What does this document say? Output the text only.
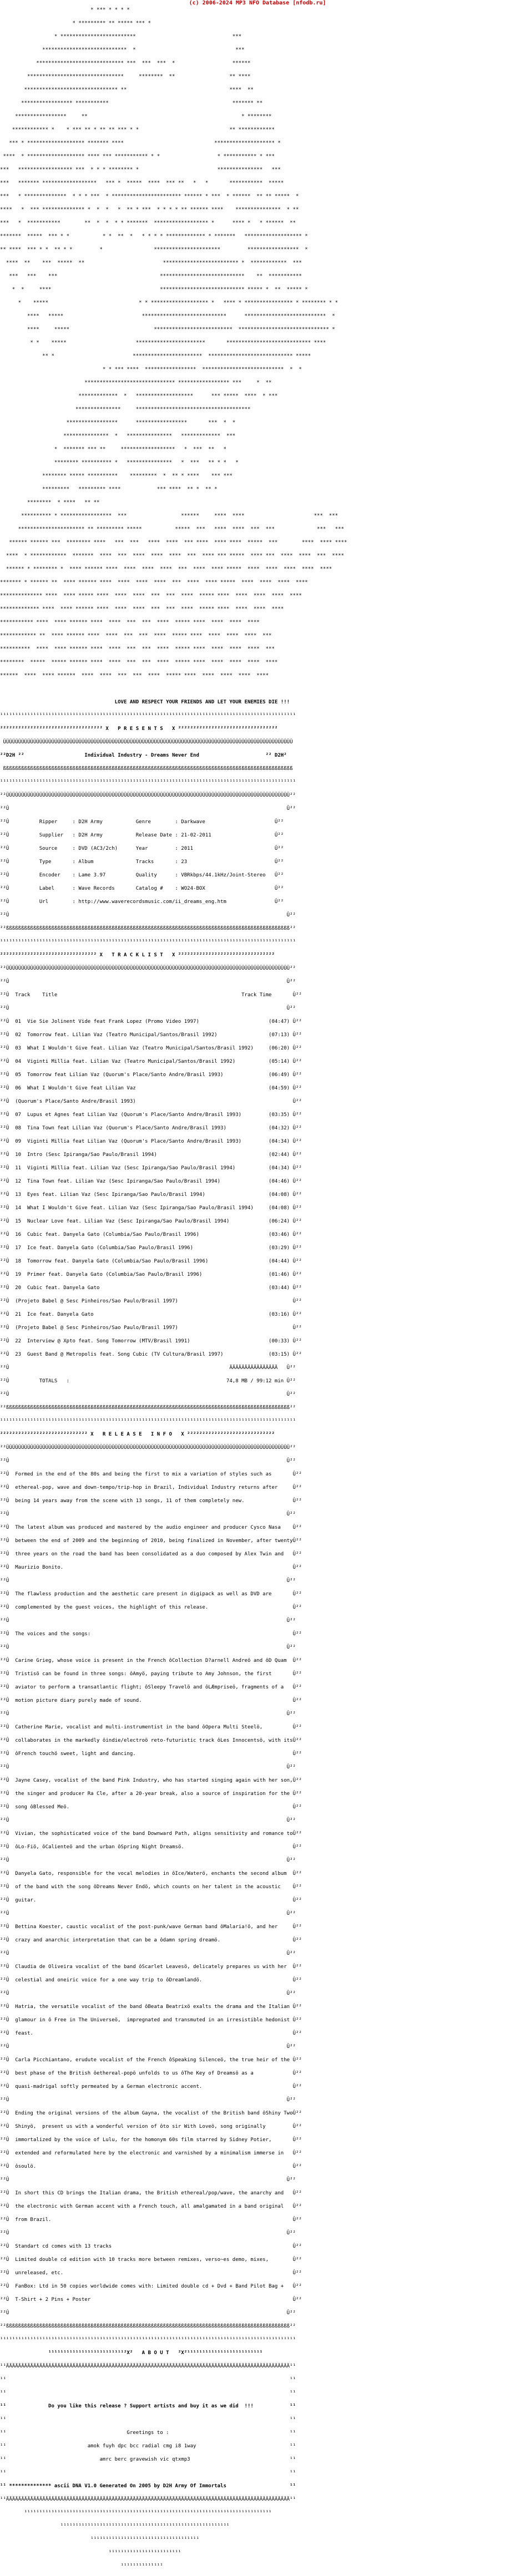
(c) 2006-2024 MP3 NFO Database [nfodb.ru]
* *** * * * *

* ********* ** ***** *** *

* *************************                                ***

****************************  *                                 ***

***************************** ***  ***  ***  *                   ******

********************************     ********  **                  ** ****

******************************* **                                  ****  **

***************** ***********                                         ******* **

*****************     **                                                   * ********

************ *    * *** ** * ** ** *** * *                              ** ************

*** * ******************* ******* ****                              ******************** *

****  * ******************* **** *** *********** * *                   * *********** * ***

***   ****************** ***  * * * ******** *                          ***************   ***

***   ******* ******************   *** *  *****  ****  *** **   *   *       ***********  *****

***   * **************  * * * ***  * *********************** ****** * ***  * ******  ** ** *****  *

****   *  *** ************** *  *  *   *  ** * ***  * * * * ** ****** ****    ***************  * **

***   *  ***********        **  *  *  * * *******  ****************** *      **** *   * ******  **

*******  *****  *** * *           * *  **  *   * * * * ************* * *******   ******************* *

** ****  *** * *  ** * *         *                 **********************         *****************  *

****  **    ***  *****  **                          ************************* *  ************  ***

***   ***    ***                                  ****************************    **  ***********

*  *     ****                                    **************************** ***** *  **  ***** *

*    *****                              * * ******************* *   **** * **************** * ******** * *

****   *****                          ****************************      ***************************  *

****     *****                            **************************  ****************************** *

* *    *****                       ***********************       **************************** ****

** *                          ***********************  **************************** *****

* * *** ****  *****************  ***************************  *  *

****************************** ***************** ***     *  **

*************  *   *******************      *** *****  ****  * ***

***************     **************************************

*****************      *****************       ***  *  *

***************  *   ***************   *************  ***

*  ******* *** **     ******************   *  ***  **   *

******** ********** *   ***************   *  ***   ** * *   *

******** ***** **********    *********  *  ** * ****    *** ***

*********   ********* ****            *** ****  ** *  ** *

********  * ****   ** **

********** * *****************  ***                  ******     ****  ****                       ***  ***

********************** ** ********* *****           *****  ***   ****  ****  ***  ***              ***   ***

****** ****** ***  ******** ****   ***  ***   ****  ****  *** ****  **** ****  *****  ***        ****  **** ****

****  * ************  *******  ****  ***  ****  ****  ****  ***  **** *** *****  **** ***  ****  ****  ***  ****

****** * ******** *  **** ****** ****  ****  ****  ****  ***  ****  **** *****  ****  ****  ****  ****  ****

******* * ****** **  **** ****** ****  ****  ****  ****  ***  ****  **** *****  ****  ****  ****  ****

************** ****  **** ***** ****  ****  ****  ***  ***  ****  ***** ****  ****  ****  ****  ****

************* ****  **** ****** ****  ****  ****  ***  ***  ****  ***** ****  ****  ****  ****

*********** ****  **** ****** ****  ****  ***  ***  ****  ***** ****  ****  ****  ****

************ **  **** ****** ****  ****  ***  ***  ****  ***** ****  ****  ****  ****  ***

**********  ****  **** ****** ****  ****  ***  ***  ****  ***** ****  ****  ****  ****  ***

********  *****  ***** ****** ****  ****  ***  ***  ****  ***** ****  ****  ****  ****  ****

******  ****  **** ******  ****  ****  ***  ***  ****  ***** ****  ****  ****  ****  ****

LOVE AND RESPECT YOUR FRIENDS AND LET YOUR ENEMIES DIE !!!

¹¹¹¹¹¹¹¹¹¹¹¹¹¹¹¹¹¹¹¹¹¹¹¹¹¹¹¹¹¹¹¹¹¹¹¹¹¹¹¹¹¹¹¹¹¹¹¹¹¹¹¹¹¹¹¹¹¹¹¹¹¹¹¹¹¹¹¹¹¹¹¹¹¹¹¹¹¹¹¹¹¹¹¹¹¹¹¹¹¹¹¹¹¹¹¹¹¹

²²²²²²²²²²²²²²²²²²²²²²²²²²²²²²²²²² X   P R E S E N T S   X ²²²²²²²²²²²²²²²²²²²²²²²²²²²²²²²²²

ÜÜÜÜÜÜÜÜÜÜÜÜÜÜÜÜÜÜÜÜÜÜÜÜÜÜÜÜÜÜÜÜÜÜÜÜÜÜÜÜÜÜÜÜÜÜÜÜÜÜÜÜÜÜÜÜÜÜÜÜÜÜÜÜÜÜÜÜÜÜÜÜÜÜÜÜÜÜÜÜÜÜÜÜÜÜÜÜÜÜÜÜÜÜÜÜ

²²D2H ²²                    Individual Industry - Dreams Never End                      ²² D2H²

ßßßßßßßßßßßßßßßßßßßßßßßßßßßßßßßßßßßßßßßßßßßßßßßßßßßßßßßßßßßßßßßßßßßßßßßßßßßßßßßßßßßßßßßßßßßßßßßß

¹¹¹¹¹¹¹¹¹¹¹¹¹¹¹¹¹¹¹¹¹¹¹¹¹¹¹¹¹¹¹¹¹¹¹¹¹¹¹¹¹¹¹¹¹¹¹¹¹¹¹¹¹¹¹¹¹¹¹¹¹¹¹¹¹¹¹¹¹¹¹¹¹¹¹¹¹¹¹¹¹¹¹¹¹¹¹¹¹¹¹¹¹¹¹¹¹¹

²²ÜÜÜÜÜÜÜÜÜÜÜÜÜÜÜÜÜÜÜÜÜÜÜÜÜÜÜÜÜÜÜÜÜÜÜÜÜÜÜÜÜÜÜÜÜÜÜÜÜÜÜÜÜÜÜÜÜÜÜÜÜÜÜÜÜÜÜÜÜÜÜÜÜÜÜÜÜÜÜÜÜÜÜÜÜÜÜÜÜÜÜÜÜÜ²²

²²Û                                                                                            Û²²

²²Û          Ripper     : D2H Army           Genre        : Darkwave                       Û²²

²²Û          Supplier   : D2H Army           Release Date : 21-02-2011                     Û²²

²²Û          Source     : DVD (AC3/2ch)      Year         : 2011                           Û²²

²²Û          Type       : Album              Tracks       : 23                             Û²²

²²Û          Encoder    : Lame 3.97          Quality      : VBRkbps/44.1kHz/Joint-Stereo   Û²²

²²Û          Label      : Wave Records       Catalog #    : WO24-BOX                       Û²²

²²Û          Url        : http://www.waverecordsmusic.com/ii_dreams_eng.htm                Û²²

²²Û                                                                                            Û²²

²²ßßßßßßßßßßßßßßßßßßßßßßßßßßßßßßßßßßßßßßßßßßßßßßßßßßßßßßßßßßßßßßßßßßßßßßßßßßßßßßßßßßßßßßßßßßßßßß²²

¹¹¹¹¹¹¹¹¹¹¹¹¹¹¹¹¹¹¹¹¹¹¹¹¹¹¹¹¹¹¹¹¹¹¹¹¹¹¹¹¹¹¹¹¹¹¹¹¹¹¹¹¹¹¹¹¹¹¹¹¹¹¹¹¹¹¹¹¹¹¹¹¹¹¹¹¹¹¹¹¹¹¹¹¹¹¹¹¹¹¹¹¹¹¹¹¹¹

²²²²²²²²²²²²²²²²²²²²²²²²²²²²²²²² X   T R A C K L I S T   X ²²²²²²²²²²²²²²²²²²²²²²²²²²²²²²²²

²²ÜÜÜÜÜÜÜÜÜÜÜÜÜÜÜÜÜÜÜÜÜÜÜÜÜÜÜÜÜÜÜÜÜÜÜÜÜÜÜÜÜÜÜÜÜÜÜÜÜÜÜÜÜÜÜÜÜÜÜÜÜÜÜÜÜÜÜÜÜÜÜÜÜÜÜÜÜÜÜÜÜÜÜÜÜÜÜÜÜÜÜÜÜÜ²²

²²Û                                                                                            Û²²

²²Û  Track    Title                                                             Track Time       Û²²

²²Û                                                                                            Û²²

²²Û  01  Vie Sie Jolinent Vide feat Frank Lopez (Promo Video 1997)                       (04:47) Û²²

²²Û  02  Tomorrow feat. Lilian Vaz (Teatro Municipal/Santos/Brasil 1992)                 (07:13) Û²²

²²Û  03  What I Wouldn't Give feat. Lilian Vaz (Teatro Municipal/Santos/Brasil 1992)     (06:20) Û²²

²²Û  04  Viginti Millia feat. Lilian Vaz (Teatro Municipal/Santos/Brasil 1992)           (05:14) Û²²

²²Û  05  Tomorrow feat Lilian Vaz (Quorum's Place/Santo Andre/Brasil 1993)               (06:49) Û²²

²²Û  06  What I Wouldn't Give feat Lilian Vaz                                            (04:59) Û²²

²²Û  (Quorum's Place/Santo Andre/Brasil 1993)                                                    Û²²

²²Û  07  Lupus et Agnes feat Lilian Vaz (Quorum's Place/Santo Andre/Brasil 1993)         (03:35) Û²²

²²Û  08  Tina Town feat Lilian Vaz (Quorum's Place/Santo Andre/Brasil 1993)              (04:32) Û²²

²²Û  09  Viginti Millia feat Lilian Vaz (Quorum's Place/Santo Andre/Brasil 1993)         (04:34) Û²²

²²Û  10  Intro (Sesc Ipiranga/Sao Paulo/Brasil 1994)                                     (02:44) Û²²

²²Û  11  Viginti Millia feat. Lilian Vaz (Sesc Ipiranga/Sao Paulo/Brasil 1994)           (04:34) Û²²

²²Û  12  Tina Town feat. Lilian Vaz (Sesc Ipiranga/Sao Paulo/Brasil 1994)                (04:46) Û²²

²²Û  13  Eyes feat. Lilian Vaz (Sesc Ipiranga/Sao Paulo/Brasil 1994)                     (04:08) Û²²

²²Û  14  What I Wouldn't Give feat. Lilian Vaz (Sesc Ipiranga/Sao Paulo/Brasil 1994)     (04:08) Û²²

²²Û  15  Nuclear Love feat. Lilian Vaz (Sesc Ipiranga/Sao Paulo/Brasil 1994)             (06:24) Û²²

²²Û  16  Cubic feat. Danyela Gato (Columbia/Sao Paulo/Brasil 1996)                       (03:46) Û²²

²²Û  17  Ice feat. Danyela Gato (Columbia/Sao Paulo/Brasil 1996)                         (03:29) Û²²

²²Û  18  Tomorrow feat. Danyela Gato (Columbia/Sao Paulo/Brasil 1996)                    (04:44) Û²²

²²Û  19  Primer feat. Danyela Gato (Columbia/Sao Paulo/Brasil 1996)                      (01:46) Û²²

²²Û  20  Cubic feat. Danyela Gato                                                        (03:44) Û²²

²²Û  (Projeto Babel @ Sesc Pinheiros/Sao Paulo/Brasil 1997)                                      Û²²

²²Û  21  Ice feat. Danyela Gato                                                          (03:16) Û²²

²²Û  (Projeto Babel @ Sesc Pinheiros/Sao Paulo/Brasil 1997)                                      Û²²

²²Û  22  Interview @ Xpto feat. Song Tomorrow (MTV/Brasil 1991)                          (00:33) Û²²

²²Û  23  Guest Band @ Metropolis feat. Song Cubic (TV Cultura/Brasil 1997)               (03:15) Û²²

²²Û                                                                         ÄÄÄÄÄÄÄÄÄÄÄÄÄÄÄÄ   Û²²

²²Û          TOTALS   :                                                    74,8 MB / 99:12 min Û²²

²²Û                                                                                            Û²²

²²ßßßßßßßßßßßßßßßßßßßßßßßßßßßßßßßßßßßßßßßßßßßßßßßßßßßßßßßßßßßßßßßßßßßßßßßßßßßßßßßßßßßßßßßßßßßßßß²²

¹¹¹¹¹¹¹¹¹¹¹¹¹¹¹¹¹¹¹¹¹¹¹¹¹¹¹¹¹¹¹¹¹¹¹¹¹¹¹¹¹¹¹¹¹¹¹¹¹¹¹¹¹¹¹¹¹¹¹¹¹¹¹¹¹¹¹¹¹¹¹¹¹¹¹¹¹¹¹¹¹¹¹¹¹¹¹¹¹¹¹¹¹¹¹¹¹¹

²²²²²²²²²²²²²²²²²²²²²²²²²²²²² X   R E L E A S E   I N F O   X ²²²²²²²²²²²²²²²²²²²²²²²²²²²²²

²²ÜÜÜÜÜÜÜÜÜÜÜÜÜÜÜÜÜÜÜÜÜÜÜÜÜÜÜÜÜÜÜÜÜÜÜÜÜÜÜÜÜÜÜÜÜÜÜÜÜÜÜÜÜÜÜÜÜÜÜÜÜÜÜÜÜÜÜÜÜÜÜÜÜÜÜÜÜÜÜÜÜÜÜÜÜÜÜÜÜÜÜÜÜÜ²²

²²Û                                                                                            Û²²

²²Û  Formed in the end of the 80s and being the first to mix a variation of styles such as       Û²²

²²Û  ethereal-pop, wave and down-tempo/trip-hop in Brazil, Individual Industry returns after     Û²²

²²Û  being 14 years away from the scene with 13 songs, 11 of them completely new.                Û²²

²²Û                                                                                            Û²²

²²Û  The latest album was produced and mastered by the audio engineer and producer Cysco Nasa    Û²²

²²Û  between the end of 2009 and the beginning of 2010, being finalized in November, after twentyÛ²²

²²Û  three years on the road the band has been consolidated as a duo composed by Alex Twin and   Û²²

²²Û  Maurizio Bonito.                                                                            Û²²

²²Û                                                                                            Û²²

²²Û  The flawless production and the aesthetic care present in digipack as well as DVD are       Û²²

²²Û  complemented by the guest voices, the highlight of this release.                            Û²²

²²Û                                                                                            Û²²

²²Û  The voices and the songs:                                                                   Û²²

²²Û                                                                                            Û²²

²²Û  Carine Grieg, whose voice is present in the French ôCollection D?arnell Andreö and ôD Quam  Û²²

²²Û  Tristisö can be found in three songs: ôAmyö, paying tribute to Amy Johnson, the first       Û²²

²²Û  aviator to perform a transatlantic flight; ôSleepy Travelö and ôLÆmpriseö, fragments of a   Û²²

²²Û  motion picture diary purely made of sound.                                                  Û²²

²²Û                                                                                            Û²²

²²Û  Catherine Marie, vocalist and multi-instrumentist in the band ôOpera Multi Steelö,          Û²²

²²Û  collaborates in the markedly ôindie/electroö reto-futuristic track ôLes Innocentsö, with itsÛ²²

²²Û  ôFrench touchö sweet, light and dancing.                                                    Û²²

²²Û                                                                                            Û²²

²²Û  Jayne Casey, vocalist of the band Pink Industry, who has started singing again with her son,Û²²

²²Û  the singer and producer Ra Cle, after a 20-year break, also a source of inspiration for the Û²²

²²Û  song ôBlessed Meö.                                                                          Û²²

²²Û                                                                                            Û²²

²²Û  Vivian, the sophisticated voice of the band Downward Path, aligns sensitivity and romance toÛ²²

²²Û  ôLo-Fiö, ôCalienteö and the urban ôSpring Night Dreamsö.                                    Û²²

²²Û                                                                                            Û²²

²²Û  Danyela Gato, responsible for the vocal melodies in ôIce/Waterö, enchants the second album  Û²²

²²Û  of the band with the song ôDreams Never Endö, which counts on her talent in the acoustic    Û²²

²²Û  guitar.                                                                                     Û²²

²²Û                                                                                            Û²²

²²Û  Bettina Koester, caustic vocalist of the post-punk/wave German band ôMalaria!ö, and her     Û²²

²²Û  crazy and anarchic interpretation that can be a ôdamn spring dreamö.                        Û²²

²²Û                                                                                            Û²²

²²Û  Claudia de Oliveira vocalist of the band ôScarlet Leavesö, delicately prepares us with her  Û²²

²²Û  celestial and oneiric voice for a one way trip to ôDreamlandö.                              Û²²

²²Û                                                                                            Û²²

²²Û  Hatria, the versatile vocalist of the band ôBeata Beatrixö exalts the drama and the Italian Û²²

²²Û  glamour in ô Free in The Universeö,  impregnated and transmuted in an irresistible hedonist Û²²

²²Û  feast.                                                                                      Û²²

²²Û                                                                                            Û²²

²²Û  Carla Picchiantano, erudute vocalist of the French ôSpeaking Silenceö, the true heir of the Û²²

²²Û  best phase of the British ôethereal-popö unfolds to us ôThe Key of Dreamsö as a             Û²²

²²Û  quasi-madrigal softly permeated by a German electronic accent.                              Û²²

²²Û                                                                                            Û²²

²²Û  Ending the original versions of the album Gayna, the vocalist of the British band ôShiny TwoÛ²²

²²Û  Shinyö,  present us with a wonderful version of ôto sir With Loveö, song originally         Û²²

²²Û  immortalized by the voice of Lulu, for the homonym 60s film starred by Sidney Potier,       Û²²

²²Û  extended and reformulated here by the electronic and varnished by a minimalism immerse in   Û²²

²²Û  ôsoulö.                                                                                     Û²²

²²Û                                                                                            Û²²

²²Û  In short this CD brings the Italian drama, the British ethereal/pop/wave, the anarchy and   Û²²

²²Û  the electronic with German accent with a French touch, all amalgamated in a band original   Û²²

²²Û  from Brazil.                                                                                Û²²

²²Û                                                                                            Û²²

²²Û  Standart cd comes with 13 tracks                                                            Û²²

²²Û  Limited double cd edition with 10 tracks more between remixes, verso~es demo, mixes,        Û²²

²²Û  unreleased, etc.                                                                            Û²²

²²Û  FanBox: Ltd in 50 copies worldwide comes with: Limited double cd + Dvd + Band Pilot Bag +   Û²²

²²Û  T-Shirt + 2 Pins + Poster                                                                   Û²²

²²Û                                                                                            Û²²

²²ßßßßßßßßßßßßßßßßßßßßßßßßßßßßßßßßßßßßßßßßßßßßßßßßßßßßßßßßßßßßßßßßßßßßßßßßßßßßßßßßßßßßßßßßßßßßßß²²

¹¹¹¹¹¹¹¹¹¹¹¹¹¹¹¹¹¹¹¹¹¹¹¹¹¹¹¹¹¹¹¹¹¹¹¹¹¹¹¹¹¹¹¹¹¹¹¹¹¹¹¹¹¹¹¹¹¹¹¹¹¹¹¹¹¹¹¹¹¹¹¹¹¹¹¹¹¹¹¹¹¹¹¹¹¹¹¹¹¹¹¹¹¹¹¹¹¹

¹¹¹¹¹¹¹¹¹¹¹¹¹¹¹¹¹¹¹¹¹¹¹¹¹²X²   A B O U T   ²X²¹¹¹¹¹¹¹¹¹¹¹¹¹¹¹¹¹¹¹¹¹¹¹¹¹

¹¹ÄÄÄÄÄÄÄÄÄÄÄÄÄÄÄÄÄÄÄÄÄÄÄÄÄÄÄÄÄÄÄÄÄÄÄÄÄÄÄÄÄÄÄÄÄÄÄÄÄÄÄÄÄÄÄÄÄÄÄÄÄÄÄÄÄÄÄÄÄÄÄÄÄÄÄÄÄÄÄÄÄÄÄÄÄÄÄÄÄÄÄÄÄÄ¹¹

¹¹                                                                                              ¹¹

¹¹                                                                                              ¹¹

¹¹              Do you like this release ? Support artists and buy it as we did  !!!            ¹¹

¹¹                                                                                              ¹¹

¹¹                                        Greetings to :                                        ¹¹

¹¹                           amok fuyh dpc bcc radial cmg i8 1way                               ¹¹

¹¹                               amrc berc gravewish vic qtxmp3                                 ¹¹

¹¹                                                                                              ¹¹

¹¹ ************** ascii DNA V1.0 Generated On 2005 by D2H Army Of Immortals                     ¹¹

¹¹ÄÄÄÄÄÄÄÄÄÄÄÄÄÄÄÄÄÄÄÄÄÄÄÄÄÄÄÄÄÄÄÄÄÄÄÄÄÄÄÄÄÄÄÄÄÄÄÄÄÄÄÄÄÄÄÄÄÄÄÄÄÄÄÄÄÄÄÄÄÄÄÄÄÄÄÄÄÄÄÄÄÄÄÄÄÄÄÄÄÄÄÄÄÄ¹¹

¹¹¹¹¹¹¹¹¹¹¹¹¹¹¹¹¹¹¹¹¹¹¹¹¹¹¹¹¹¹¹¹¹¹¹¹¹¹¹¹¹¹¹¹¹¹¹¹¹¹¹¹¹¹¹¹¹¹¹¹¹¹¹¹¹¹¹¹¹¹¹¹¹¹¹¹¹¹¹¹¹¹

¹¹¹¹¹¹¹¹¹¹¹¹¹¹¹¹¹¹¹¹¹¹¹¹¹¹¹¹¹¹¹¹¹¹¹¹¹¹¹¹¹¹¹¹¹¹¹¹¹¹¹¹¹¹¹¹

¹¹¹¹¹¹¹¹¹¹¹¹¹¹¹¹¹¹¹¹¹¹¹¹¹¹¹¹¹¹¹¹¹¹¹¹

¹¹¹¹¹¹¹¹¹¹¹¹¹¹¹¹¹¹¹¹¹¹¹¹

¹¹¹¹¹¹¹¹¹¹¹¹¹¹
